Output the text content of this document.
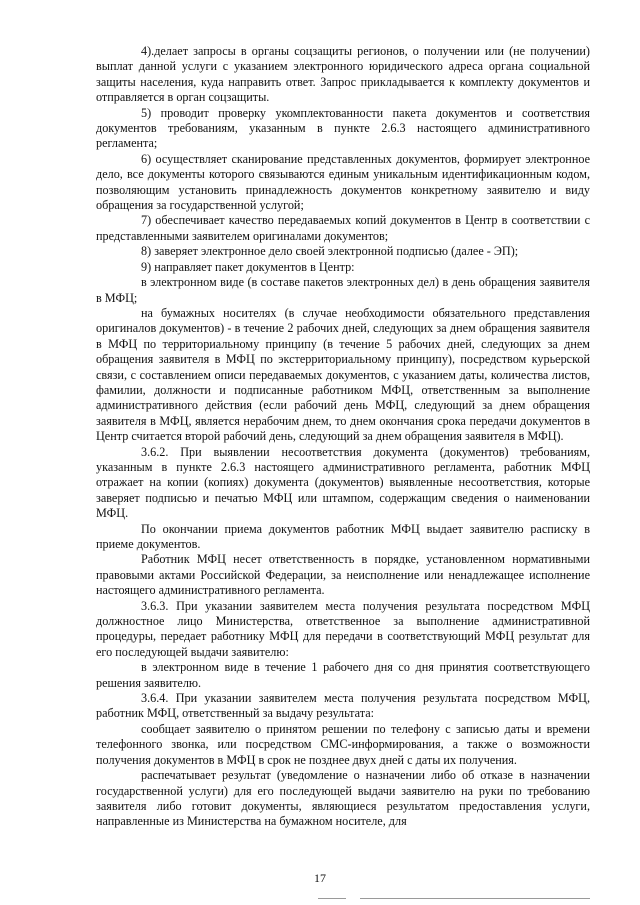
4).делает запросы в органы соцзащиты регионов, о получении или (не получении) выплат данной услуги с указанием электронного юридического адреса органа социальной защиты населения, куда направить ответ. Запрос прикладывается к комплекту документов и отправляется в орган соцзащиты.

5) проводит проверку укомплектованности пакета документов и соответствия документов требованиям, указанным в пункте 2.6.3 настоящего административного регламента;

6) осуществляет сканирование представленных документов, формирует электронное дело, все документы которого связываются единым уникальным идентификационным кодом, позволяющим установить принадлежность документов конкретному заявителю и виду обращения за государственной услугой;

7) обеспечивает качество передаваемых копий документов в Центр в соответствии с представленными заявителем оригиналами документов;

8) заверяет электронное дело своей электронной подписью (далее - ЭП);

9) направляет пакет документов в Центр:

в электронном виде (в составе пакетов электронных дел) в день обращения заявителя в МФЦ;

на бумажных носителях (в случае необходимости обязательного представления оригиналов документов) - в течение 2 рабочих дней, следующих за днем обращения заявителя в МФЦ по территориальному принципу (в течение 5 рабочих дней, следующих за днем обращения заявителя в МФЦ по экстерриториальному принципу), посредством курьерской связи, с составлением описи передаваемых документов, с указанием даты, количества листов, фамилии, должности и подписанные работником МФЦ, ответственным за выполнение административного действия (если рабочий день МФЦ, следующий за днем обращения заявителя в МФЦ, является нерабочим днем, то днем окончания срока передачи документов в Центр считается второй рабочий день, следующий за днем обращения заявителя в МФЦ).

3.6.2. При выявлении несоответствия документа (документов) требованиям, указанным в пункте 2.6.3 настоящего административного регламента, работник МФЦ отражает на копии (копиях) документа (документов) выявленные несоответствия, которые заверяет подписью и печатью МФЦ или штампом, содержащим сведения о наименовании МФЦ.

По окончании приема документов работник МФЦ выдает заявителю расписку в приеме документов.

Работник МФЦ несет ответственность в порядке, установленном нормативными правовыми актами Российской Федерации, за неисполнение или ненадлежащее исполнение настоящего административного регламента.

3.6.3. При указании заявителем места получения результата посредством МФЦ должностное лицо Министерства, ответственное за выполнение административной процедуры, передает работнику МФЦ для передачи в соответствующий МФЦ результат для его последующей выдачи заявителю:

в электронном виде в течение 1 рабочего дня со дня принятия соответствующего решения заявителю.

3.6.4. При указании заявителем места получения результата посредством МФЦ, работник МФЦ, ответственный за выдачу результата:

сообщает заявителю о принятом решении по телефону с записью даты и времени телефонного звонка, или посредством СМС-информирования, а также о возможности получения документов в МФЦ в срок не позднее двух дней с даты их получения.

распечатывает результат (уведомление о назначении либо об отказе в назначении государственной услуги) для его последующей выдачи заявителю на руки по требованию заявителя либо готовит документы, являющиеся результатом предоставления услуги, направленные из Министерства на бумажном носителе, для

17
